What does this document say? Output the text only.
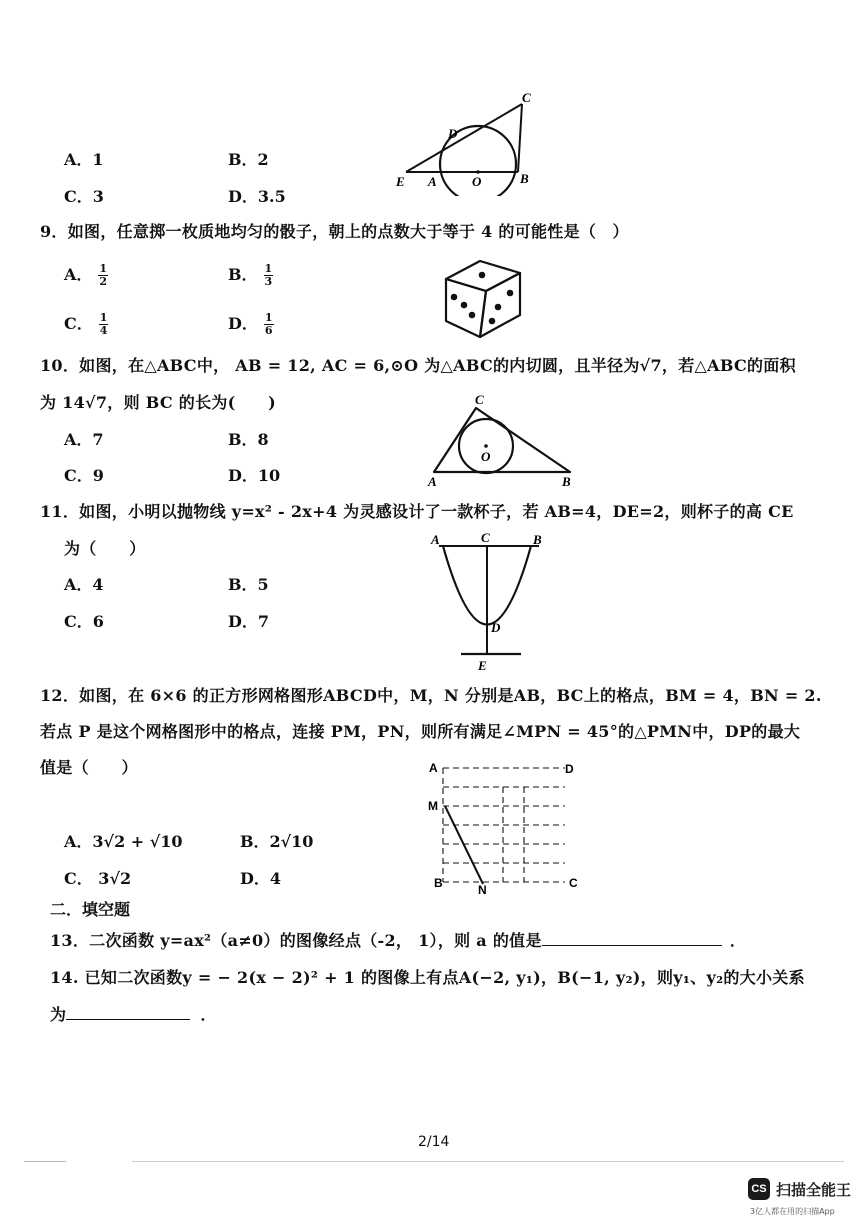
A．1	B．2
C．3	D．3.5
C
D
E A	O	B
9．如图，任意掷一枚质地均匀的骰子，朝上的点数大于等于 4 的可能性是（　）
A． $\frac{1}{2}$	B． $\frac{1}{3}$
C． $\frac{1}{4}$	D． $\frac{1}{6}$
10．如图，在△ABC中， AB = 12, AC = 6,⊙O 为△ABC的内切圆，且半径为√7，若△ABC的面积
为 14√7，则 BC 的长为(　　)
A．7	B．8
C．9	D．10
C
O
A	B
11．如图，小明以抛物线 y=x² - 2x+4 为灵感设计了一款杯子，若 AB=4，DE=2，则杯子的高 CE
为（　　）
A．4	B．5
C．6	D．7
A	C	B
D
E
12．如图，在 6×6 的正方形网格图形ABCD中，M，N 分别是AB，BC上的格点，BM = 4，BN = 2.
若点 P 是这个网格图形中的格点，连接 PM，PN，则所有满足∠MPN = 45°的△PMN中，DP的最大
值是（　　）
A．3√2 + √10	B．2√10
C． 3√2	D．4
A	D
M
B	N	C
二．填空题
13．二次函数 y=ax²（a≠0）的图像经点（-2， 1），则 a 的值是	．
14. 已知二次函数y = − 2(x − 2)² + 1 的图像上有点A(−2, y₁)，B(−1, y₂)，则y₁、y₂的大小关系
为	．
2/14
CS 扫描全能王
3亿人都在用的扫描App
